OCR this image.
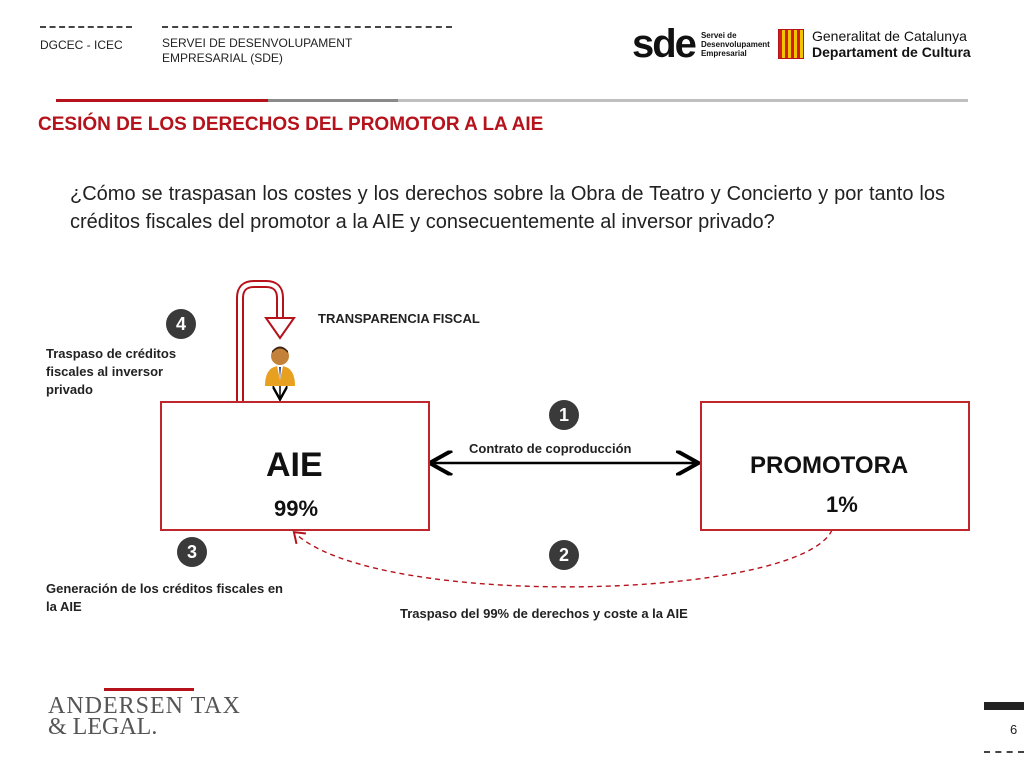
DGCEC - ICEC	SERVEI DE DESENVOLUPAMENT
EMPRESARIAL (SDE)	sde Servei de
Desenvolupament
Empresarial
Generalitat de Catalunya
Departament de Cultura
CESIÓN DE LOS DERECHOS DEL PROMOTOR A LA AIE
¿Cómo se traspasan los costes y los derechos sobre la Obra de Teatro y Concierto y por tanto los créditos fiscales del promotor a la AIE y consecuentemente al inversor privado?
AIE
99%
PROMOTORA
1%
4
1
3	2
TRANSPARENCIA FISCAL
Contrato de coproducción
Traspaso de créditos
fiscales al inversor
privado
Generación de los créditos fiscales en
la AIE	Traspaso del 99% de derechos y coste a la AIE
ANDERSEN TAX
& LEGAL.	6
